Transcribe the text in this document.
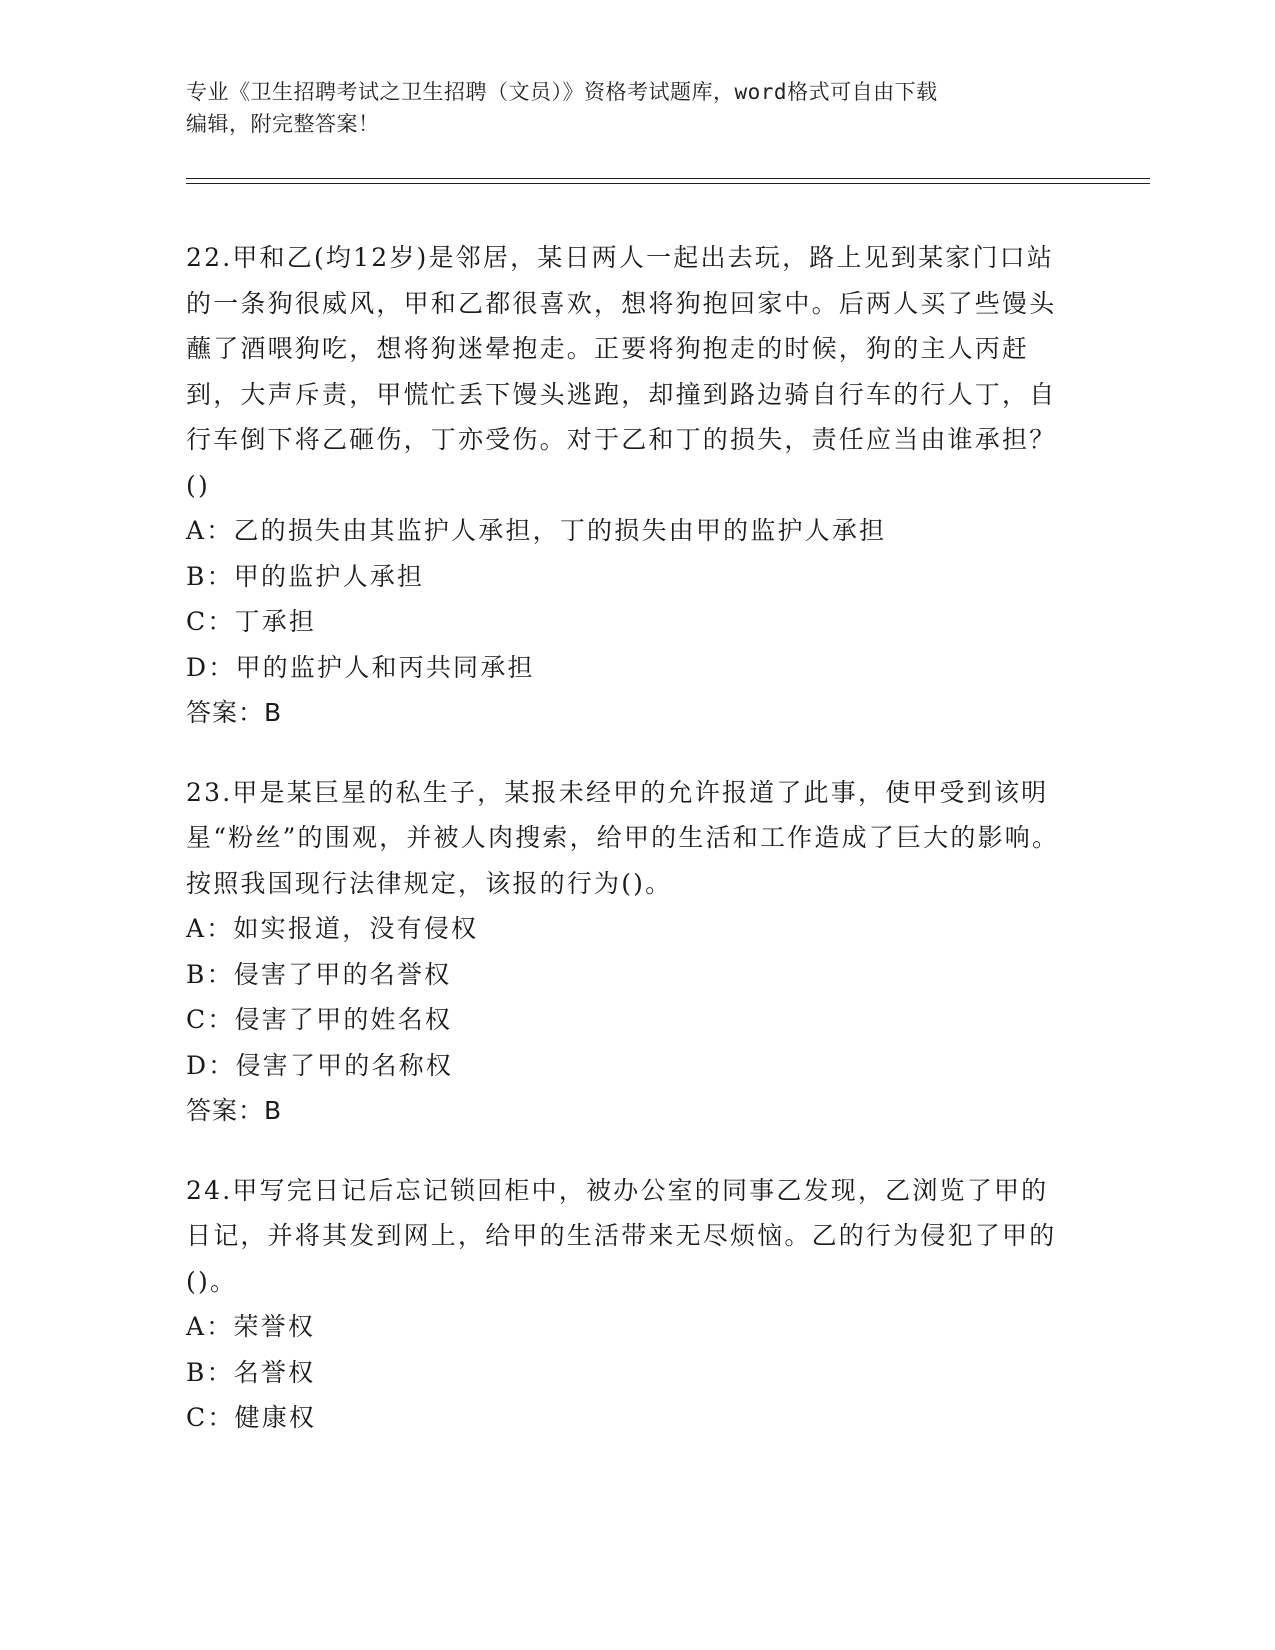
专业《卫生招聘考试之卫生招聘（文员）》资格考试题库，word格式可自由下载
编辑，附完整答案！

22.甲和乙(均12岁)是邻居，某日两人一起出去玩，路上见到某家门口站的一条狗很威风，甲和乙都很喜欢，想将狗抱回家中。后两人买了些馒头蘸了酒喂狗吃，想将狗迷晕抱走。正要将狗抱走的时候，狗的主人丙赶到，大声斥责，甲慌忙丢下馒头逃跑，却撞到路边骑自行车的行人丁，自行车倒下将乙砸伤，丁亦受伤。对于乙和丁的损失，责任应当由谁承担？()

A：乙的损失由其监护人承担，丁的损失由甲的监护人承担

B：甲的监护人承担

C：丁承担

D：甲的监护人和丙共同承担

答案：B

23.甲是某巨星的私生子，某报未经甲的允许报道了此事，使甲受到该明星“粉丝”的围观，并被人肉搜索，给甲的生活和工作造成了巨大的影响。按照我国现行法律规定，该报的行为()。

A：如实报道，没有侵权

B：侵害了甲的名誉权

C：侵害了甲的姓名权

D：侵害了甲的名称权

答案：B

24.甲写完日记后忘记锁回柜中，被办公室的同事乙发现，乙浏览了甲的日记，并将其发到网上，给甲的生活带来无尽烦恼。乙的行为侵犯了甲的()。

A：荣誉权

B：名誉权

C：健康权
